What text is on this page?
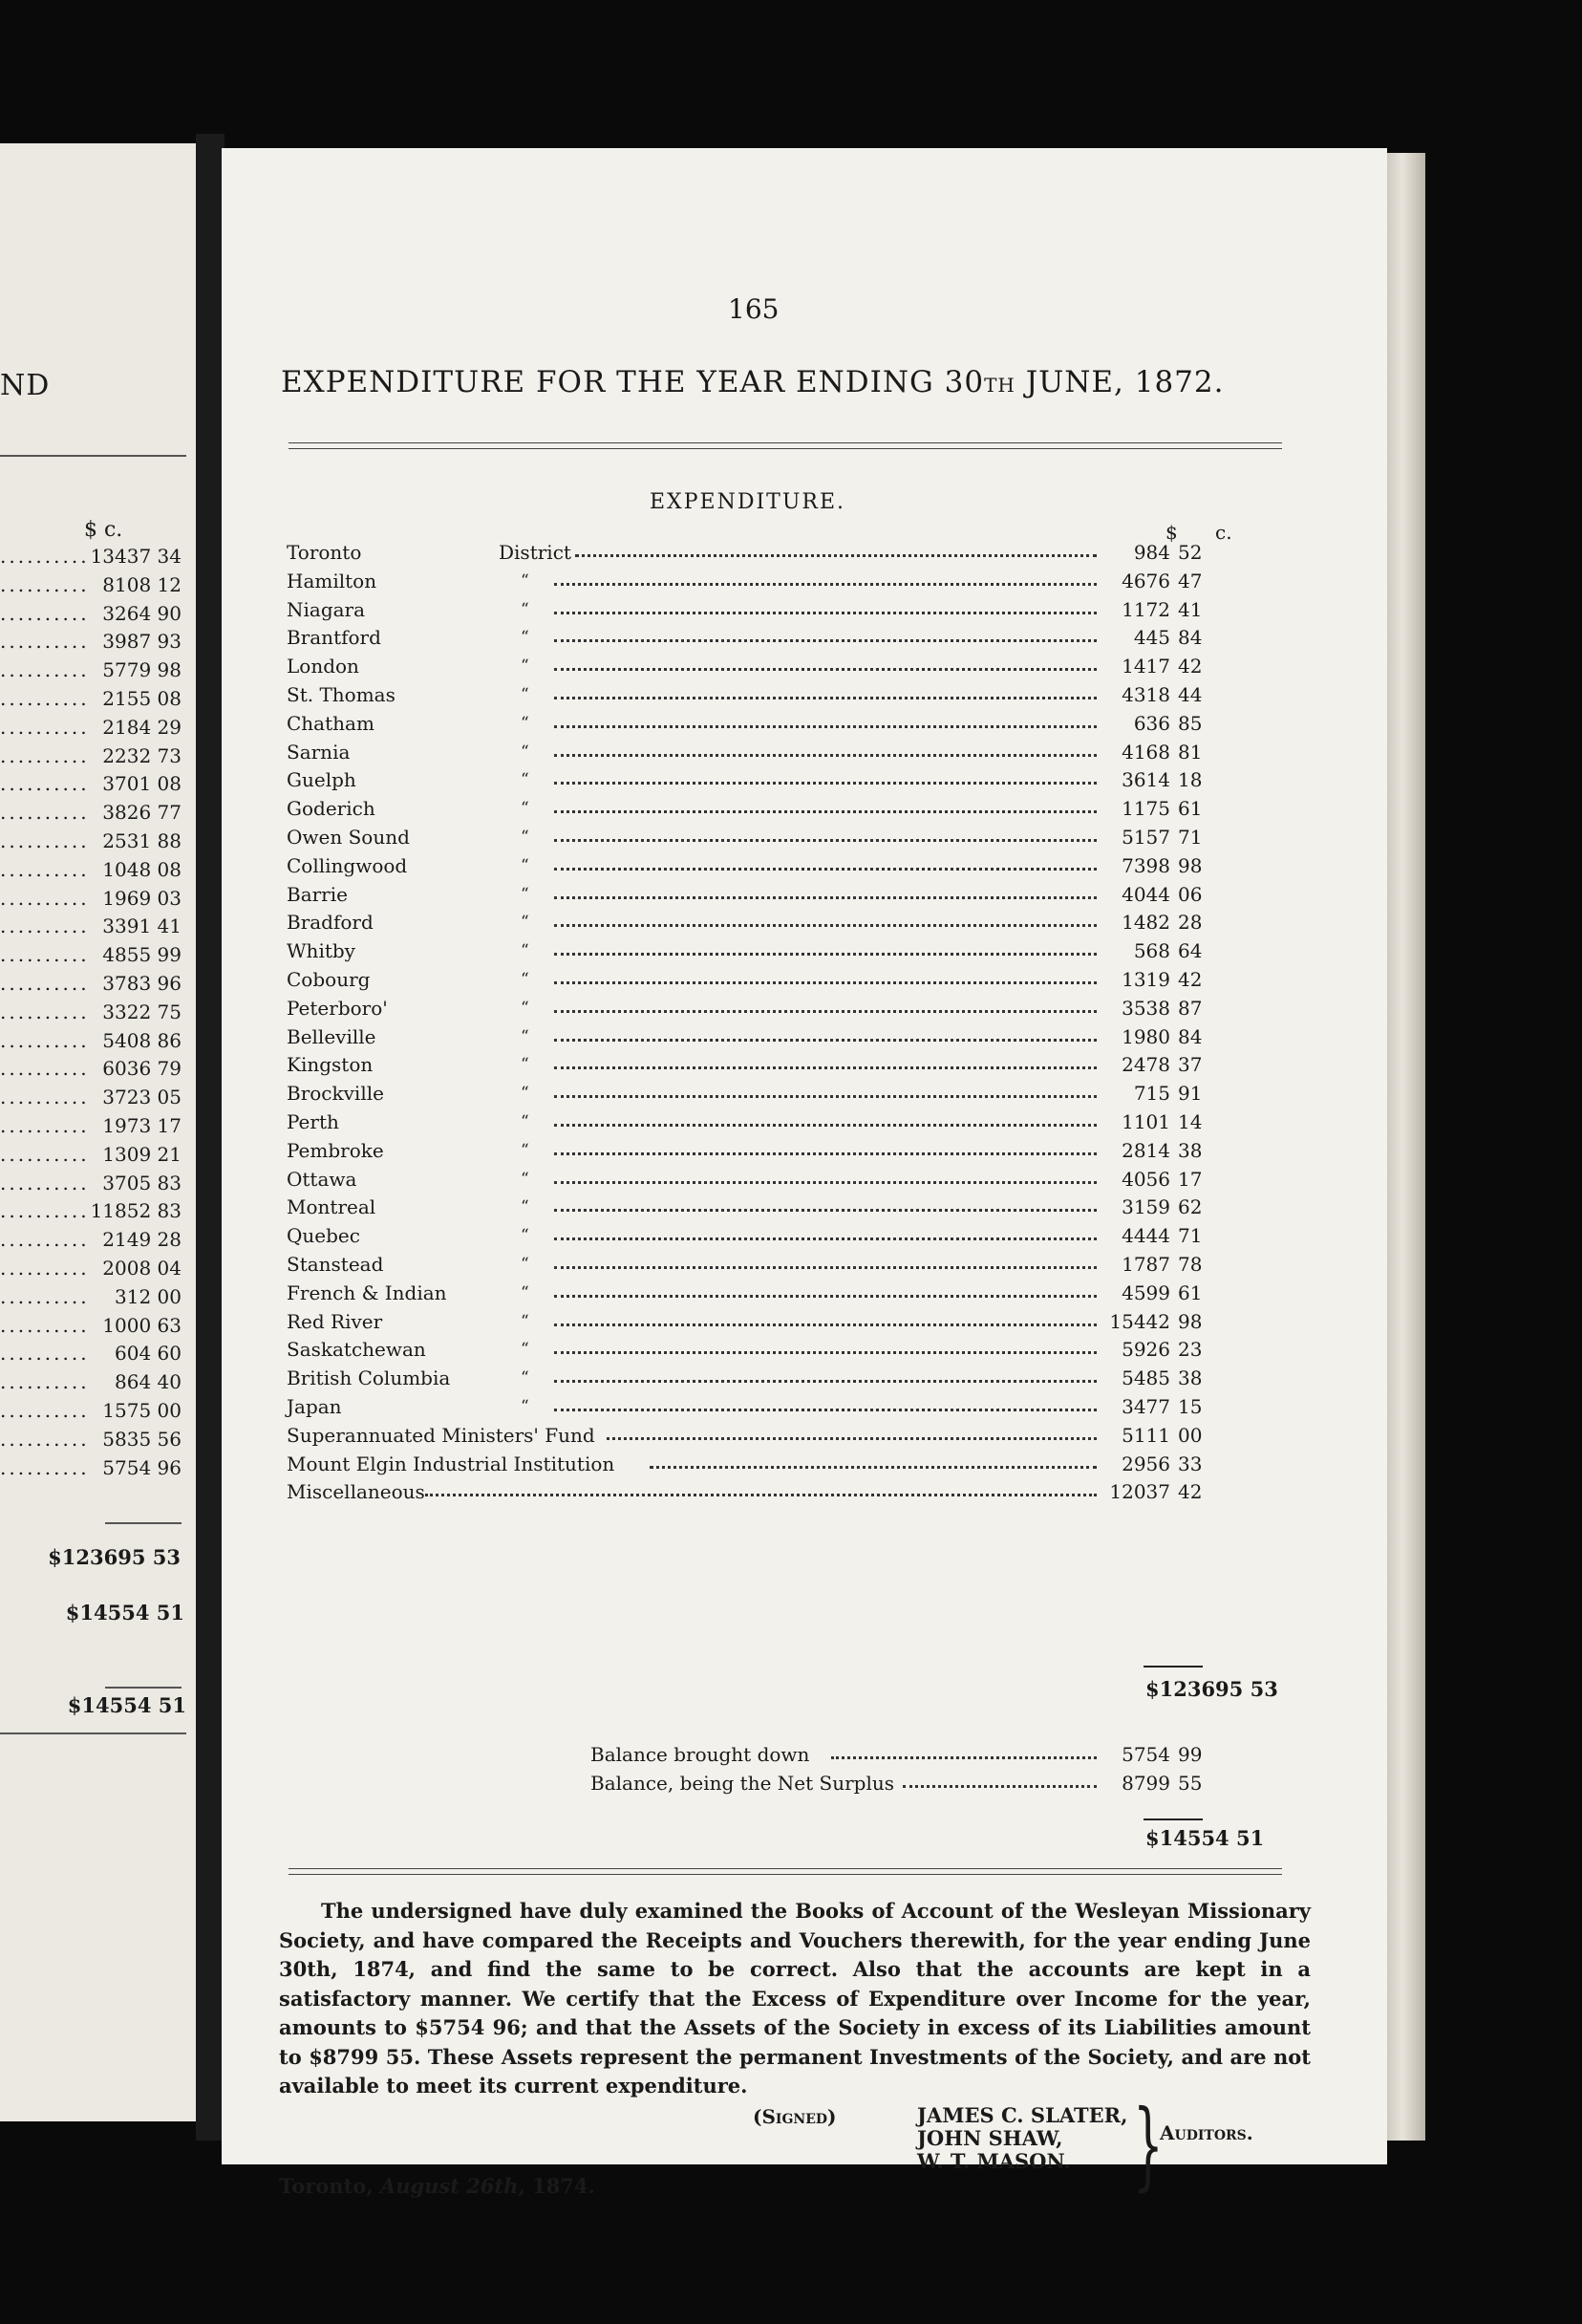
ND
$ c.
.......... 13437 34
.......... 8108 12
.......... 3264 90
.......... 3987 93
.......... 5779 98
.......... 2155 08
.......... 2184 29
.......... 2232 73
.......... 3701 08
.......... 3826 77
.......... 2531 88
.......... 1048 08
.......... 1969 03
.......... 3391 41
.......... 4855 99
.......... 3783 96
.......... 3322 75
.......... 5408 86
.......... 6036 79
.......... 3723 05
.......... 1973 17
.......... 1309 21
.......... 3705 83
.......... 11852 83
.......... 2149 28
.......... 2008 04
.......... 312 00
.......... 1000 63
.......... 604 60
.......... 864 40
.......... 1575 00
.......... 5835 56
.......... 5754 96
$123695 53
$14554 51
$14554 51
165
EXPENDITURE FOR THE YEAR ENDING 30TH JUNE, 1872.
EXPENDITURE.
$ c.
Toronto	District	984 52
Hamilton	“	4676 47
Niagara	“	1172 41
Brantford	“	445 84
London	“	1417 42
St. Thomas	“	4318 44
Chatham	“	636 85
Sarnia	“	4168 81
Guelph	“	3614 18
Goderich	“	1175 61
Owen Sound	“	5157 71
Collingwood	“	7398 98
Barrie	“	4044 06
Bradford	“	1482 28
Whitby	“	568 64
Cobourg	“	1319 42
Peterboro'	“	3538 87
Belleville	“	1980 84
Kingston	“	2478 37
Brockville	“	715 91
Perth	“	1101 14
Pembroke	“	2814 38
Ottawa	“	4056 17
Montreal	“	3159 62
Quebec	“	4444 71
Stanstead	“	1787 78
French & Indian	“	4599 61
Red River	“	15442 98
Saskatchewan	“	5926 23
British Columbia	“	5485 38
Japan	“	3477 15
Superannuated Ministers' Fund	5111 00
Mount Elgin Industrial Institution	2956 33
Miscellaneous	12037 42
$123695 53
Balance brought down	5754 99
Balance, being the Net Surplus	8799 55
$14554 51

The undersigned have duly examined the Books of Account of the Wesleyan Missionary Society, and have compared the Receipts and Vouchers therewith, for the year ending June 30th, 1874, and find the same to be correct. Also that the accounts are kept in a satisfactory manner. We certify that the Excess of Expenditure over Income for the year, amounts to $5754 96; and that the Assets of the Society in excess of its Liabilities amount to $8799 55. These Assets represent the permanent Investments of the Society, and are not available to meet its current expenditure.

(Signed)	JAMES C. SLATER,
JOHN SHAW,
W. T. MASON. }
Auditors.
Toronto, August 26th, 1874.
